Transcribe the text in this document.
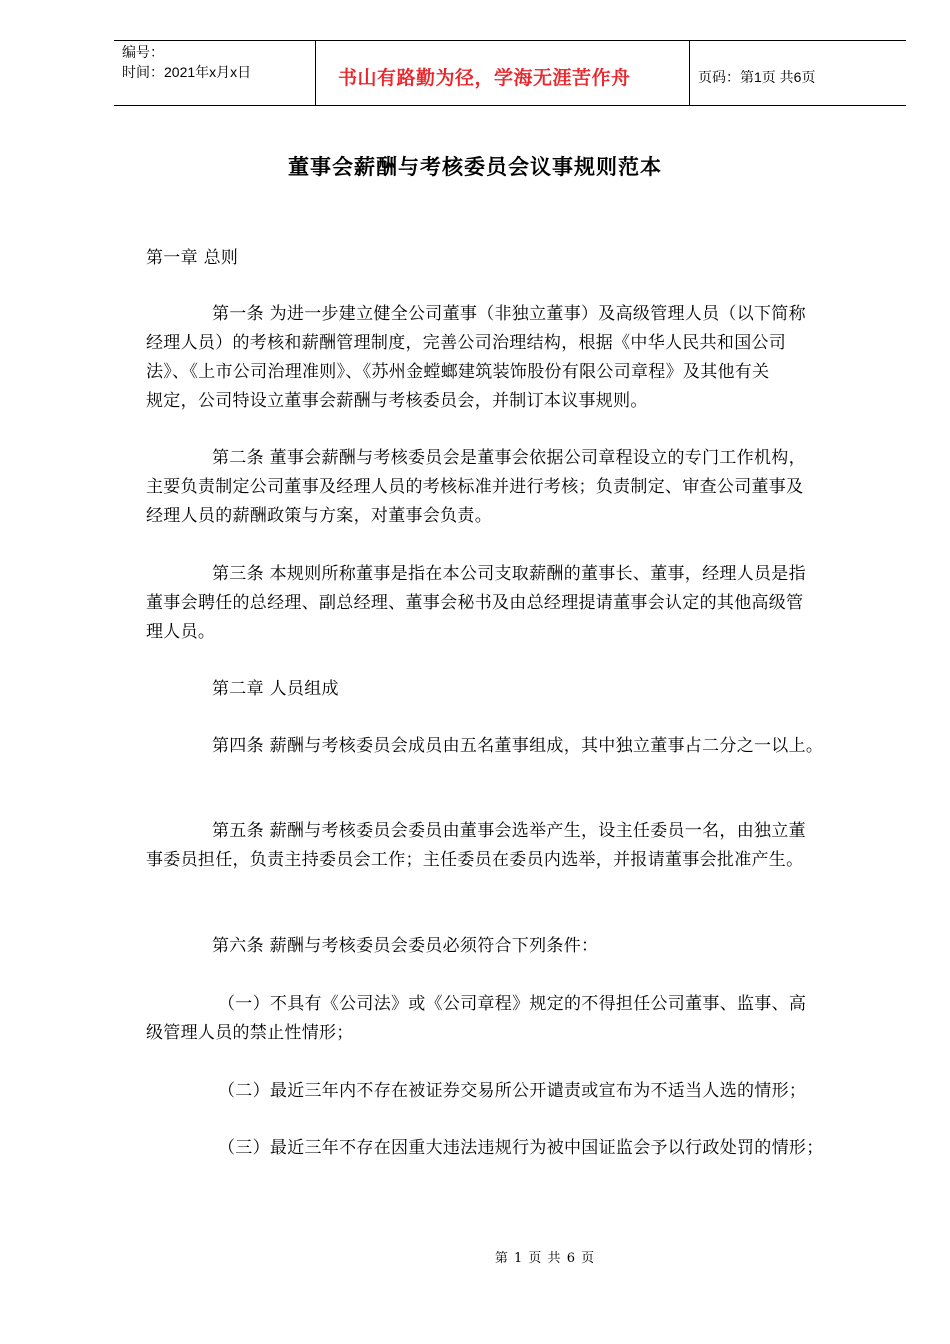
编号：
时间：2021年x月x日	书山有路勤为径，学海无涯苦作舟	页码：第1页 共6页
董事会薪酬与考核委员会议事规则范本
第一章 总则
第一条 为进一步建立健全公司董事（非独立董事）及高级管理人员（以下简称
经理人员）的考核和薪酬管理制度，完善公司治理结构，根据《中华人民共和国公司
法》、《上市公司治理准则》、《苏州金螳螂建筑装饰股份有限公司章程》及其他有关
规定，公司特设立董事会薪酬与考核委员会，并制订本议事规则。
第二条 董事会薪酬与考核委员会是董事会依据公司章程设立的专门工作机构，
主要负责制定公司董事及经理人员的考核标准并进行考核；负责制定、审查公司董事及
经理人员的薪酬政策与方案，对董事会负责。
第三条 本规则所称董事是指在本公司支取薪酬的董事长、董事，经理人员是指
董事会聘任的总经理、副总经理、董事会秘书及由总经理提请董事会认定的其他高级管
理人员。
第二章 人员组成
第四条 薪酬与考核委员会成员由五名董事组成，其中独立董事占二分之一以上。
第五条 薪酬与考核委员会委员由董事会选举产生，设主任委员一名，由独立董
事委员担任，负责主持委员会工作；主任委员在委员内选举，并报请董事会批准产生。
第六条 薪酬与考核委员会委员必须符合下列条件：
（一）不具有《公司法》或《公司章程》规定的不得担任公司董事、监事、高
级管理人员的禁止性情形；
（二）最近三年内不存在被证券交易所公开谴责或宣布为不适当人选的情形；
（三）最近三年不存在因重大违法违规行为被中国证监会予以行政处罚的情形；
第 1 页 共 6 页
